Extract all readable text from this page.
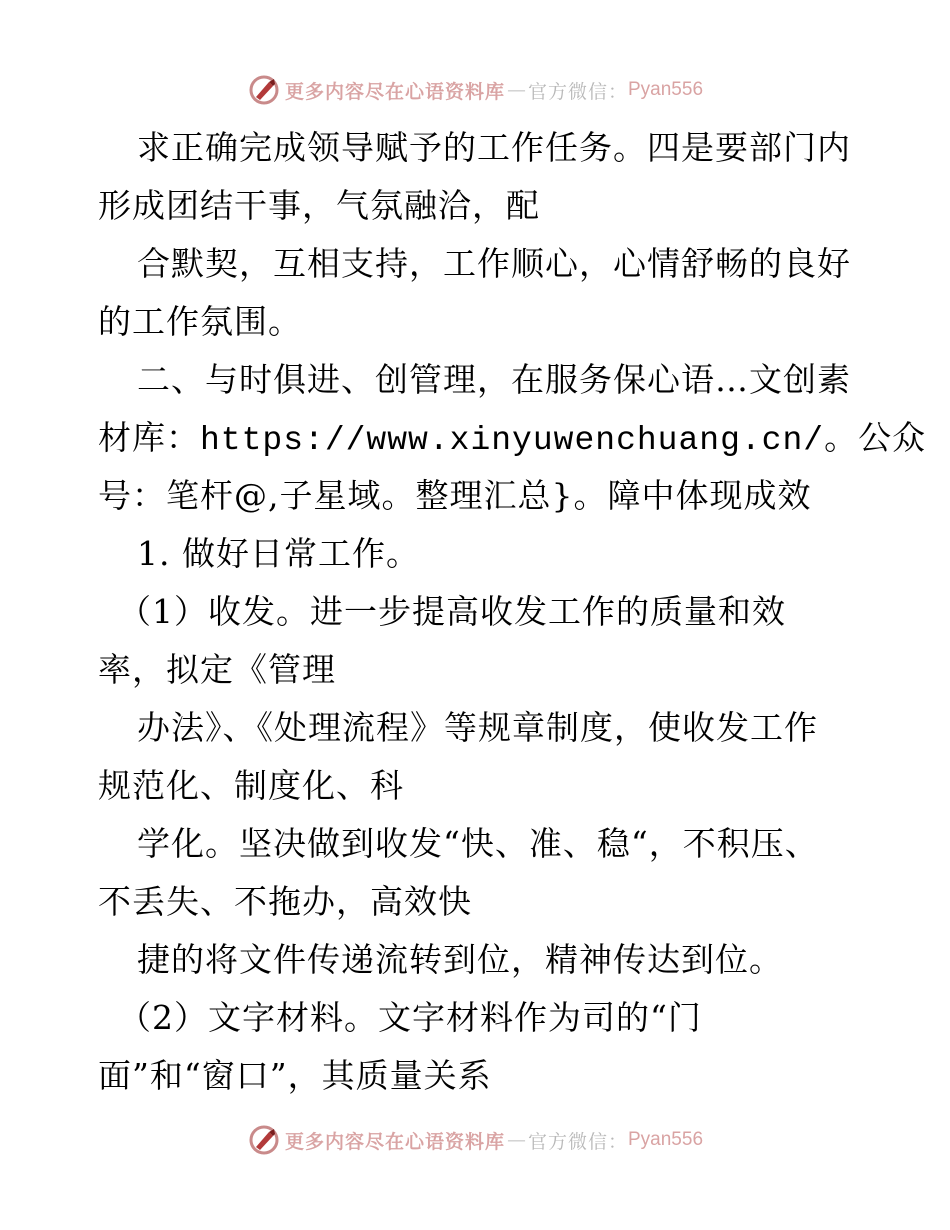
更多内容尽在心语资料库 — 官方微信： Pyan556
求正确完成领导赋予的工作任务。四是要部门内
形成团结干事，气氛融洽，配
合默契，互相支持，工作顺心，心情舒畅的良好
的工作氛围。
二、与时俱进、创管理，在服务保心语…文创素
材库：https://www.xinyuwenchuang.cn/。公众
号：笔杆@,子星域。整理汇总}。障中体现成效
1. 做好日常工作。
（1）收发。进一步提高收发工作的质量和效
率，拟定《管理
办法》、《处理流程》等规章制度，使收发工作
规范化、制度化、科
学化。坚决做到收发“快、准、稳“，不积压、
不丢失、不拖办，高效快
捷的将文件传递流转到位，精神传达到位。
（2）文字材料。文字材料作为司的“门
面”和“窗口”，其质量关系
更多内容尽在心语资料库 — 官方微信： Pyan556
